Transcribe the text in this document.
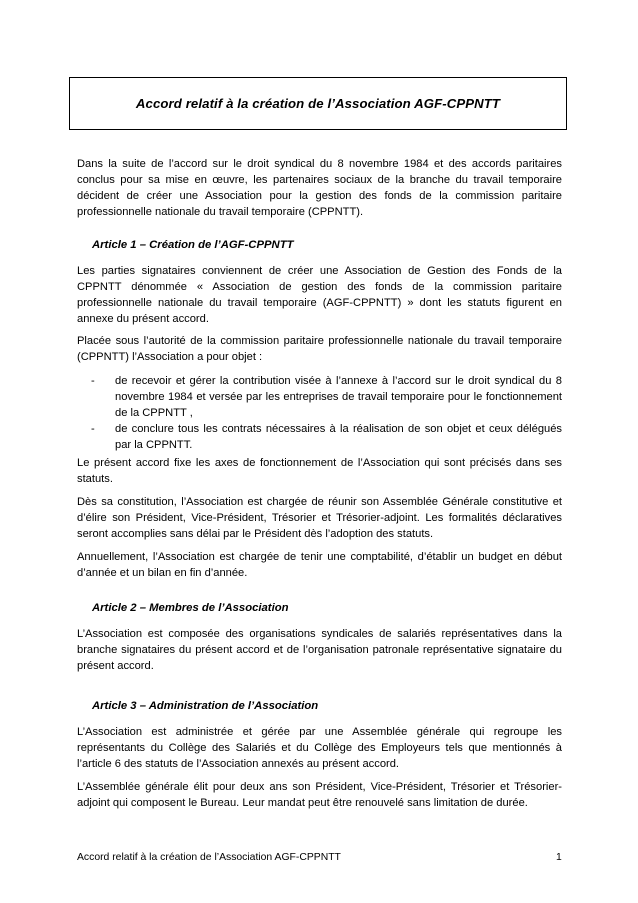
Accord relatif à la création de l’Association AGF-CPPNTT
Dans la suite de l’accord sur le droit syndical du 8 novembre 1984 et des accords paritaires conclus pour sa mise en œuvre, les partenaires sociaux de la branche du travail temporaire décident de créer une Association pour la gestion des fonds de la commission paritaire professionnelle nationale du travail temporaire (CPPNTT).
Article 1 – Création de l’AGF-CPPNTT
Les parties signataires conviennent de créer une Association de Gestion des Fonds de la CPPNTT dénommée « Association de gestion des fonds de la commission paritaire professionnelle nationale du travail temporaire (AGF-CPPNTT) » dont les statuts figurent en annexe du présent accord.
Placée sous l’autorité de la commission paritaire professionnelle nationale du travail temporaire (CPPNTT) l’Association a pour objet :
- de recevoir et gérer la contribution visée à l’annexe à l’accord sur le droit syndical du 8 novembre 1984 et versée par les entreprises de travail temporaire pour le fonctionnement de la CPPNTT ,
- de conclure tous les contrats nécessaires à la réalisation de son objet et ceux délégués par la CPPNTT.
Le présent accord fixe les axes de fonctionnement de l’Association qui sont précisés dans ses statuts.
Dès sa constitution, l’Association est chargée de réunir son Assemblée Générale constitutive et d’élire son Président, Vice-Président, Trésorier et Trésorier-adjoint. Les formalités déclaratives seront accomplies sans délai par le Président dès l’adoption des statuts.
Annuellement, l’Association est chargée de tenir une comptabilité, d’établir un budget en début d’année et un bilan en fin d’année.
Article 2 – Membres de l’Association
L’Association est composée des organisations syndicales de salariés représentatives dans la branche signataires du présent accord et de l’organisation patronale représentative signataire du présent accord.
Article 3 – Administration de l’Association
L’Association est administrée et gérée par une Assemblée générale qui regroupe les représentants du Collège des Salariés et du Collège des Employeurs tels que mentionnés à l’article 6 des statuts de l’Association annexés au présent accord.
L’Assemblée générale élit pour deux ans son Président, Vice-Président, Trésorier et Trésorier-adjoint qui composent le Bureau. Leur mandat peut être renouvelé sans limitation de durée.
Accord relatif à la création de l’Association AGF-CPPNTT	1
